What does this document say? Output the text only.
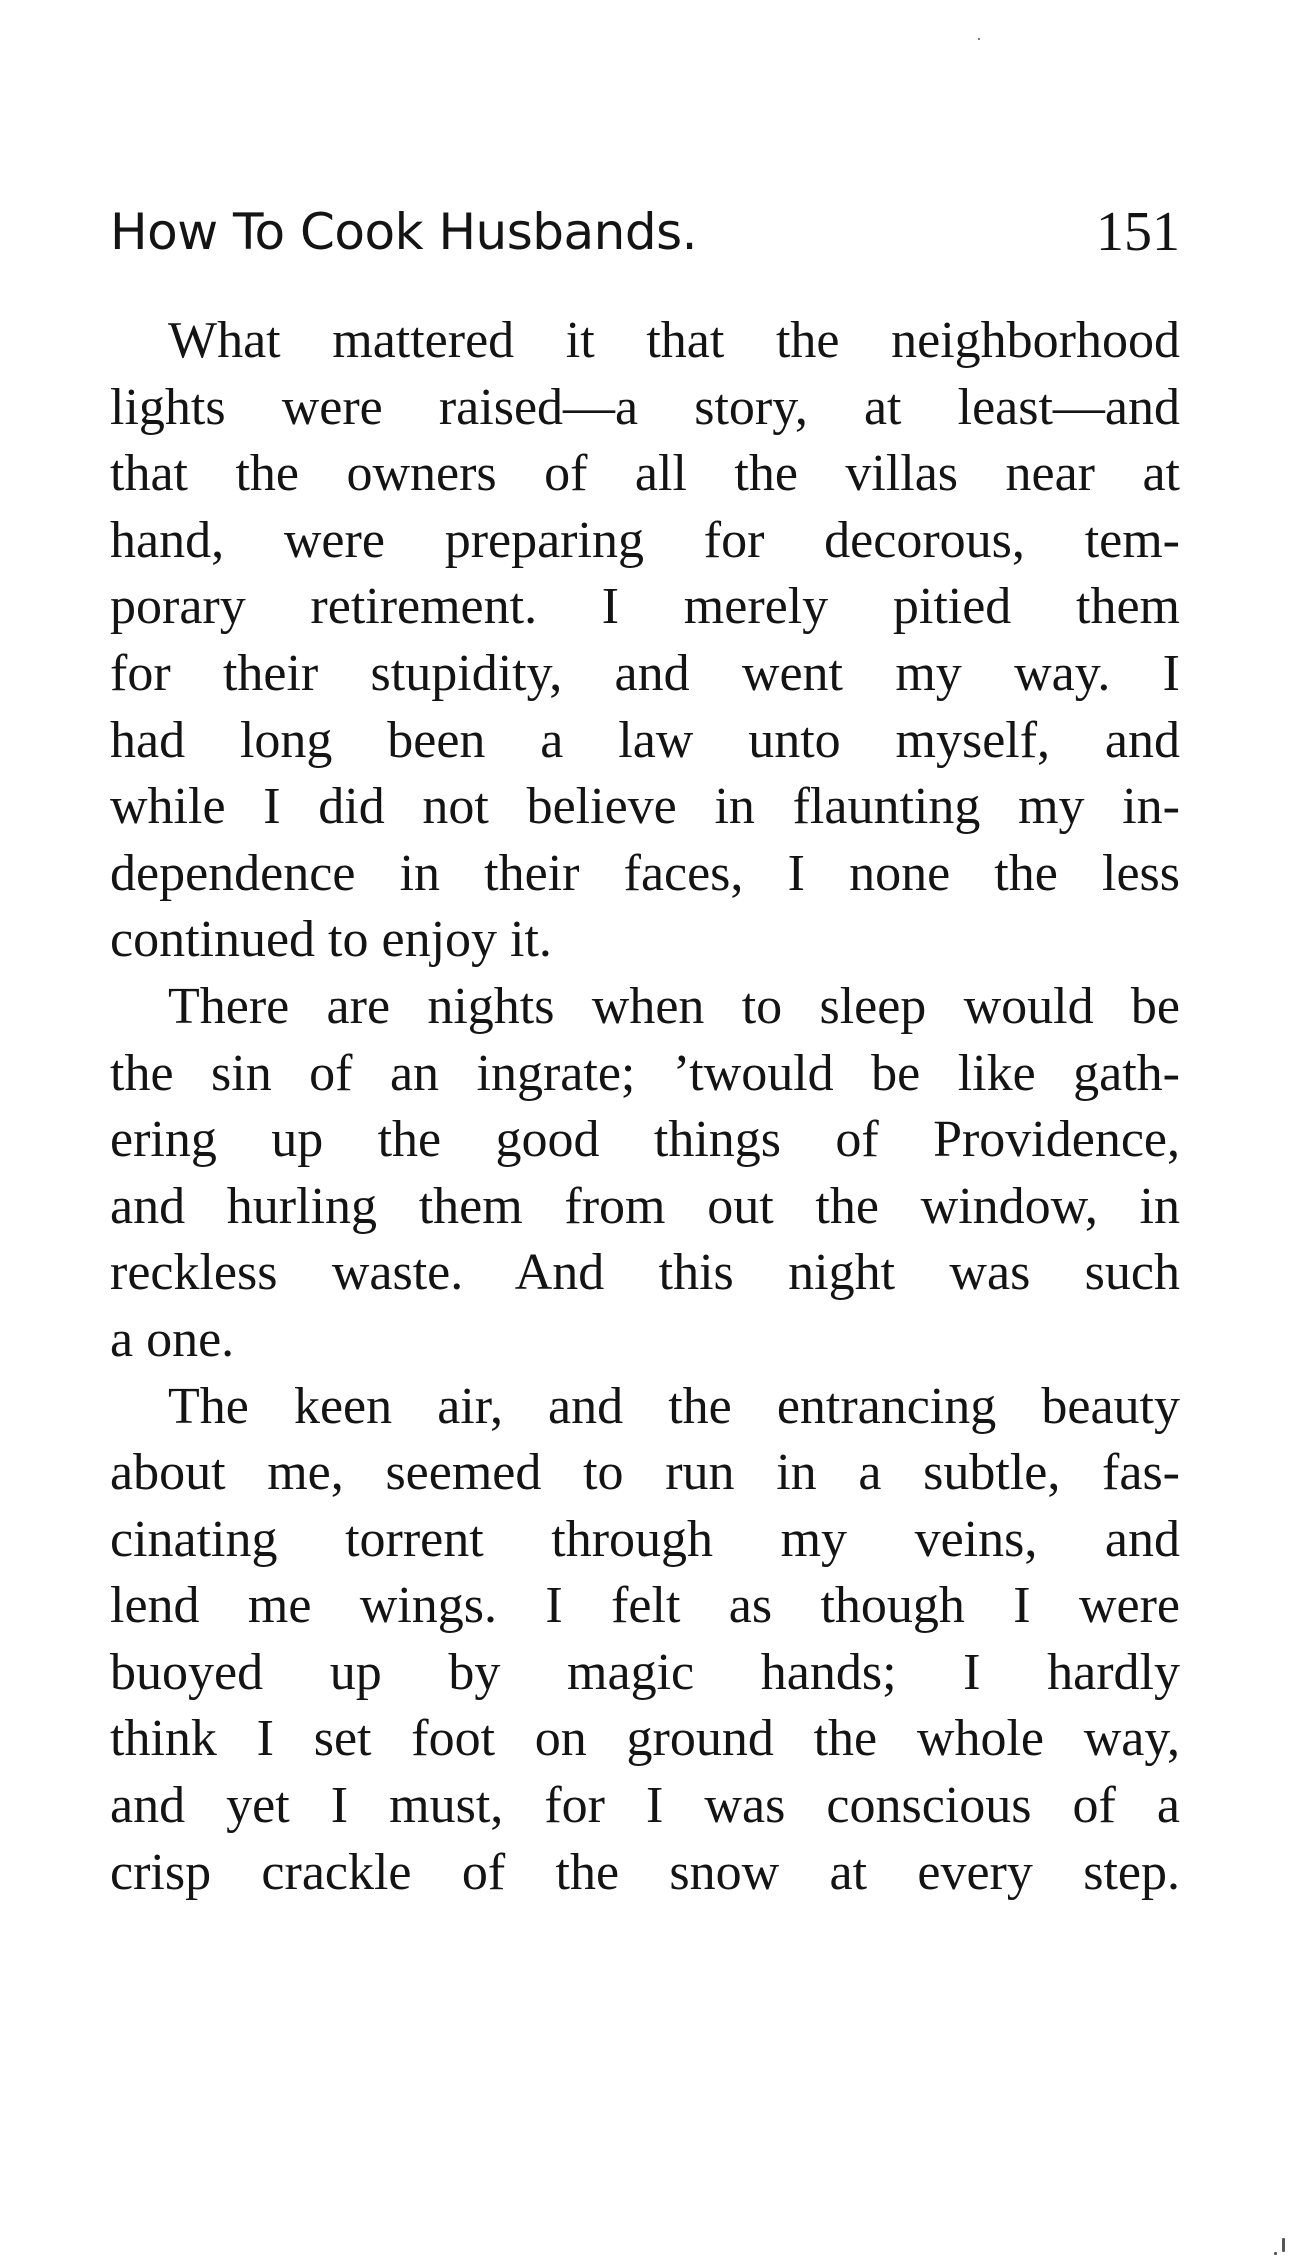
How To Cook Husbands.	151

What mattered it that the neighborhood
lights were raised—a story, at least—and
that the owners of all the villas near at
hand, were preparing for decorous, tem-
porary retirement. I merely pitied them
for their stupidity, and went my way. I
had long been a law unto myself, and
while I did not believe in flaunting my in-
dependence in their faces, I none the less
continued to enjoy it.

There are nights when to sleep would be
the sin of an ingrate; ’twould be like gath-
ering up the good things of Providence,
and hurling them from out the window, in
reckless waste. And this night was such
a one.

The keen air, and the entrancing beauty
about me, seemed to run in a subtle, fas-
cinating torrent through my veins, and
lend me wings. I felt as though I were
buoyed up by magic hands; I hardly
think I set foot on ground the whole way,
and yet I must, for I was conscious of a
crisp crackle of the snow at every step.
